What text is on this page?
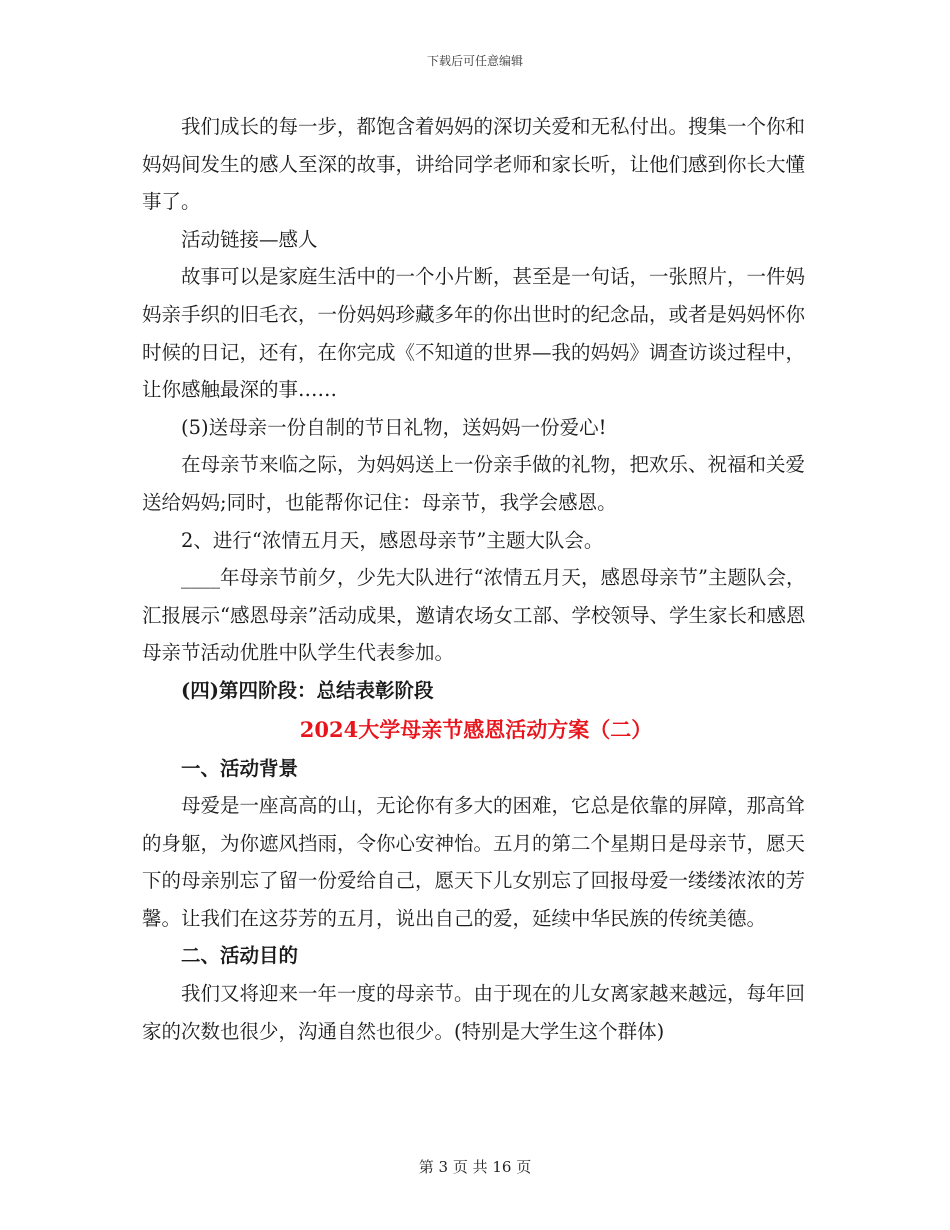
下载后可任意编辑

我们成长的每一步，都饱含着妈妈的深切关爱和无私付出。搜集一个你和妈妈间发生的感人至深的故事，讲给同学老师和家长听，让他们感到你长大懂事了。

活动链接—感人

故事可以是家庭生活中的一个小片断，甚至是一句话，一张照片，一件妈妈亲手织的旧毛衣，一份妈妈珍藏多年的你出世时的纪念品，或者是妈妈怀你时候的日记，还有，在你完成《不知道的世界—我的妈妈》调查访谈过程中，让你感触最深的事……

(5)送母亲一份自制的节日礼物，送妈妈一份爱心!

在母亲节来临之际，为妈妈送上一份亲手做的礼物，把欢乐、祝福和关爱送给妈妈;同时，也能帮你记住：母亲节，我学会感恩。

2、进行“浓情五月天，感恩母亲节”主题大队会。

____年母亲节前夕，少先大队进行“浓情五月天，感恩母亲节”主题队会，汇报展示“感恩母亲”活动成果，邀请农场女工部、学校领导、学生家长和感恩母亲节活动优胜中队学生代表参加。

(四)第四阶段：总结表彰阶段

2024大学母亲节感恩活动方案（二）

一、活动背景

母爱是一座高高的山，无论你有多大的困难，它总是依靠的屏障，那高耸的身躯，为你遮风挡雨，令你心安神怡。五月的第二个星期日是母亲节，愿天下的母亲别忘了留一份爱给自己，愿天下儿女别忘了回报母爱一缕缕浓浓的芳馨。让我们在这芬芳的五月，说出自己的爱，延续中华民族的传统美德。

二、活动目的

我们又将迎来一年一度的母亲节。由于现在的儿女离家越来越远，每年回家的次数也很少，沟通自然也很少。(特别是大学生这个群体)

第 3 页 共 16 页
